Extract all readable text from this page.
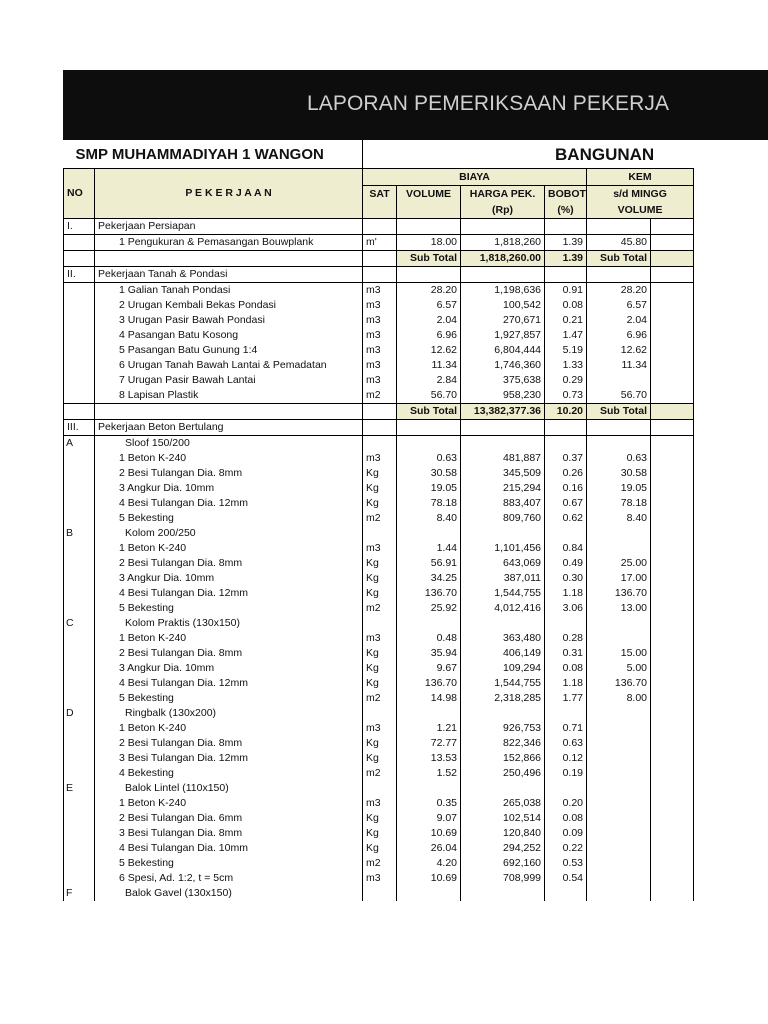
LAPORAN PEMERIKSAAN PEKERJA
SMP MUHAMMADIYAH 1 WANGON		BANGUNAN					
		BIAYA				KEM	
NO	P E K E R J A A N	SAT	VOLUME	HARGA PEK.	BOBOT	s/d MINGG	
				(Rp)	(%)	VOLUME	
I.	Pekerjaan Persiapan						
	1 Pengukuran & Pemasangan Bouwplank	m'	18.00	1,818,260	1.39	45.80	
			Sub Total	1,818,260.00	1.39	Sub Total	
II.	Pekerjaan Tanah & Pondasi						
	1 Galian Tanah Pondasi	m3	28.20	1,198,636	0.91	28.20	
	2 Urugan Kembali Bekas Pondasi	m3	6.57	100,542	0.08	6.57	
	3 Urugan Pasir Bawah Pondasi	m3	2.04	270,671	0.21	2.04	
	4 Pasangan Batu Kosong	m3	6.96	1,927,857	1.47	6.96	
	5 Pasangan Batu Gunung 1:4	m3	12.62	6,804,444	5.19	12.62	
	6 Urugan Tanah Bawah Lantai & Pemadatan	m3	11.34	1,746,360	1.33	11.34	
	7 Urugan Pasir Bawah Lantai	m3	2.84	375,638	0.29		
	8 Lapisan Plastik	m2	56.70	958,230	0.73	56.70	
			Sub Total	13,382,377.36	10.20	Sub Total	
III.	Pekerjaan Beton Bertulang						
A	Sloof 150/200						
	1 Beton K-240	m3	0.63	481,887	0.37	0.63	
	2 Besi Tulangan Dia. 8mm	Kg	30.58	345,509	0.26	30.58	
	3 Angkur Dia. 10mm	Kg	19.05	215,294	0.16	19.05	
	4 Besi Tulangan Dia. 12mm	Kg	78.18	883,407	0.67	78.18	
	5 Bekesting	m2	8.40	809,760	0.62	8.40	
B	Kolom 200/250						
	1 Beton K-240	m3	1.44	1,101,456	0.84		
	2 Besi Tulangan Dia. 8mm	Kg	56.91	643,069	0.49	25.00	
	3 Angkur Dia. 10mm	Kg	34.25	387,011	0.30	17.00	
	4 Besi Tulangan Dia. 12mm	Kg	136.70	1,544,755	1.18	136.70	
	5 Bekesting	m2	25.92	4,012,416	3.06	13.00	
C	Kolom Praktis (130x150)						
	1 Beton K-240	m3	0.48	363,480	0.28		
	2 Besi Tulangan Dia. 8mm	Kg	35.94	406,149	0.31	15.00	
	3 Angkur Dia. 10mm	Kg	9.67	109,294	0.08	5.00	
	4 Besi Tulangan Dia. 12mm	Kg	136.70	1,544,755	1.18	136.70	
	5 Bekesting	m2	14.98	2,318,285	1.77	8.00	
D	Ringbalk (130x200)						
	1 Beton K-240	m3	1.21	926,753	0.71		
	2 Besi Tulangan Dia. 8mm	Kg	72.77	822,346	0.63		
	3 Besi Tulangan Dia. 12mm	Kg	13.53	152,866	0.12		
	4 Bekesting	m2	1.52	250,496	0.19		
E	Balok Lintel (110x150)						
	1 Beton K-240	m3	0.35	265,038	0.20		
	2 Besi Tulangan Dia. 6mm	Kg	9.07	102,514	0.08		
	3 Besi Tulangan Dia. 8mm	Kg	10.69	120,840	0.09		
	4 Besi Tulangan Dia. 10mm	Kg	26.04	294,252	0.22		
	5 Bekesting	m2	4.20	692,160	0.53		
	6 Spesi, Ad. 1:2, t = 5cm	m3	10.69	708,999	0.54		
F	Balok Gavel (130x150)						
